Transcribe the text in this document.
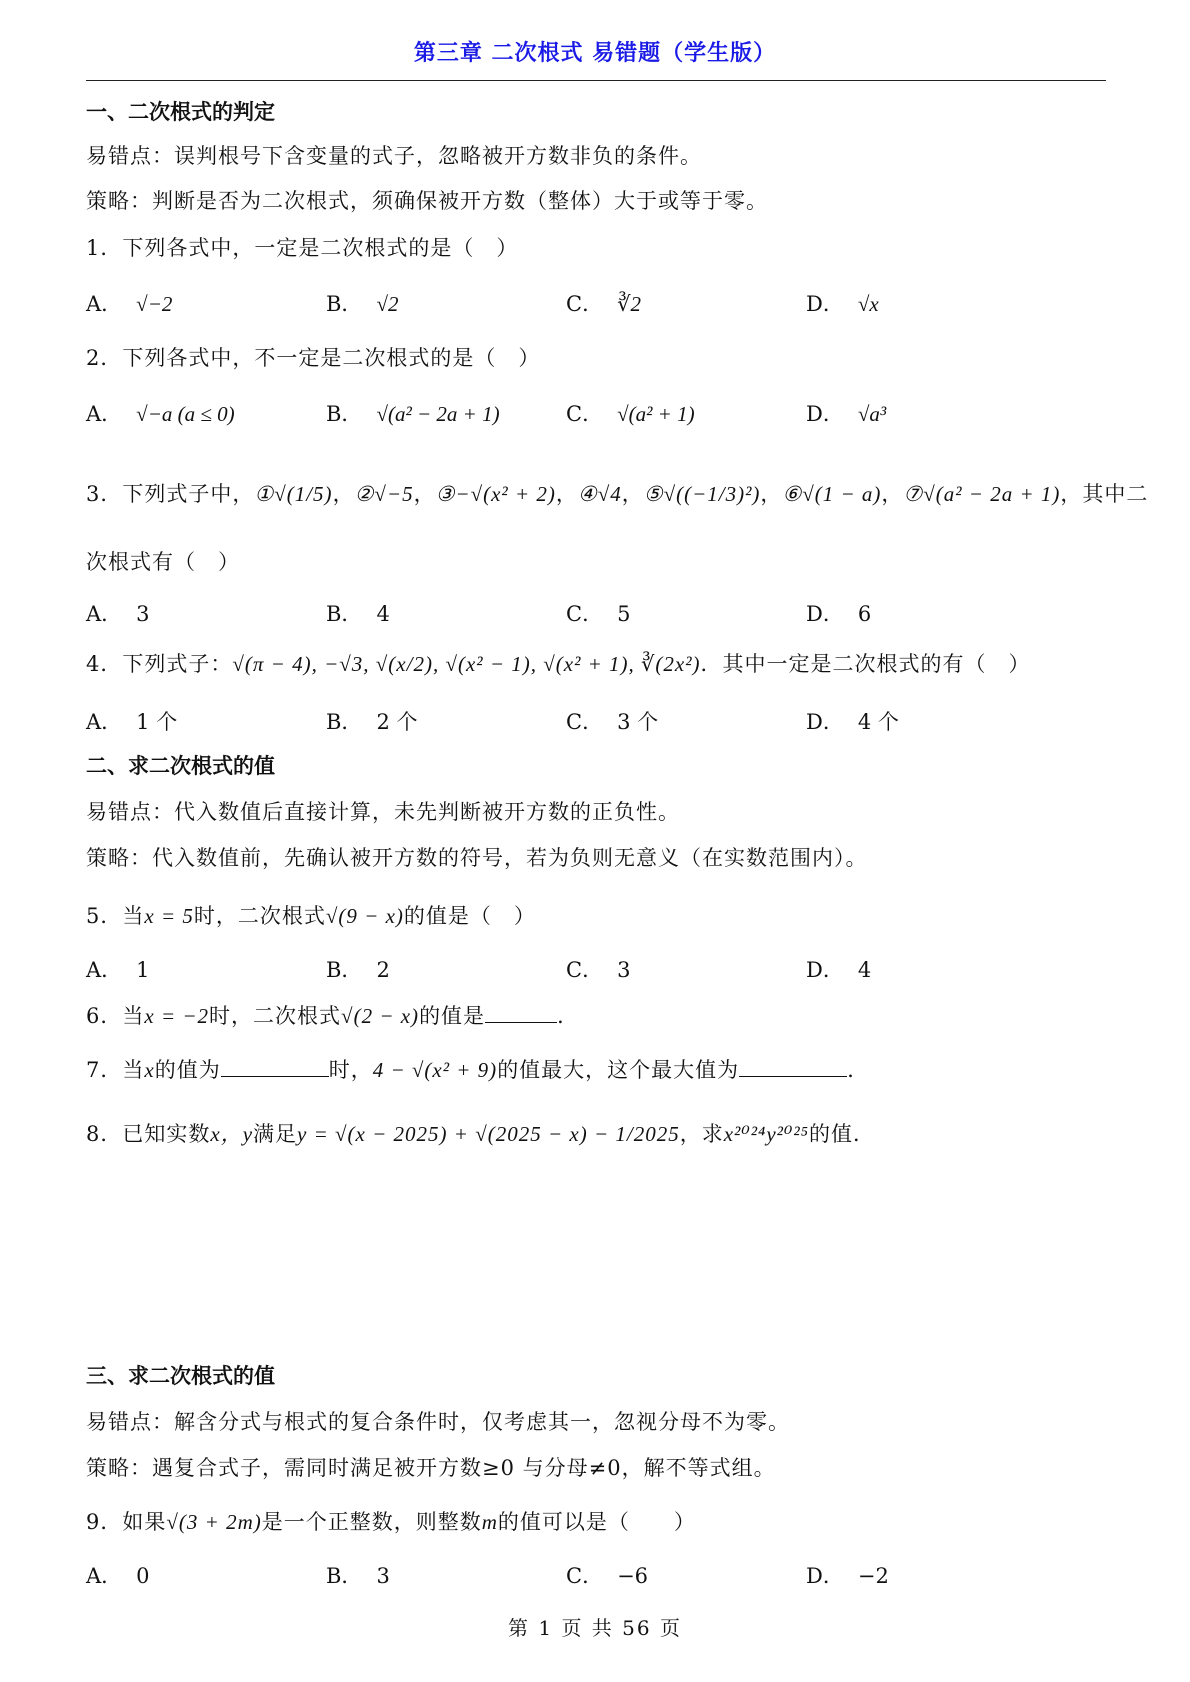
第三章 二次根式 易错题（学生版）
一、二次根式的判定
易错点：误判根号下含变量的式子，忽略被开方数非负的条件。
策略：判断是否为二次根式，须确保被开方数（整体）大于或等于零。
1．下列各式中，一定是二次根式的是（　）
A． √−2	B． √2	C． ∛2	D． √x
2．下列各式中，不一定是二次根式的是（　）
A． √−a (a ≤ 0)	B． √(a² − 2a + 1)	C． √(a² + 1)	D． √a³
3．下列式子中，①√(1/5)，②√−5，③−√(x² + 2)，④√4，⑤√((−1/3)²)，⑥√(1 − a)，⑦√(a² − 2a + 1)，其中二
次根式有（　）
A． 3	B． 4	C． 5	D． 6
4．下列式子：√(π − 4), −√3, √(x/2), √(x² − 1), √(x² + 1), ∛(2x²)．其中一定是二次根式的有（　）
A． 1 个	B． 2 个	C． 3 个	D． 4 个
二、求二次根式的值
易错点：代入数值后直接计算，未先判断被开方数的正负性。
策略：代入数值前，先确认被开方数的符号，若为负则无意义（在实数范围内）。
5．当x = 5时，二次根式√(9 − x)的值是（　）
A． 1	B． 2	C． 3	D． 4
6．当x = −2时，二次根式√(2 − x)的值是	．
7．当x的值为	时，4 − √(x² + 9)的值最大，这个最大值为	．
8．已知实数x，y满足y = √(x − 2025) + √(2025 − x) − 1/2025，求x²⁰²⁴y²⁰²⁵的值．
三、求二次根式的值
易错点：解含分式与根式的复合条件时，仅考虑其一，忽视分母不为零。
策略：遇复合式子，需同时满足被开方数≥0 与分母≠0，解不等式组。
9．如果√(3 + 2m)是一个正整数，则整数m的值可以是（　　）
A． 0	B． 3	C． −6	D． −2
第 1 页 共 56 页
